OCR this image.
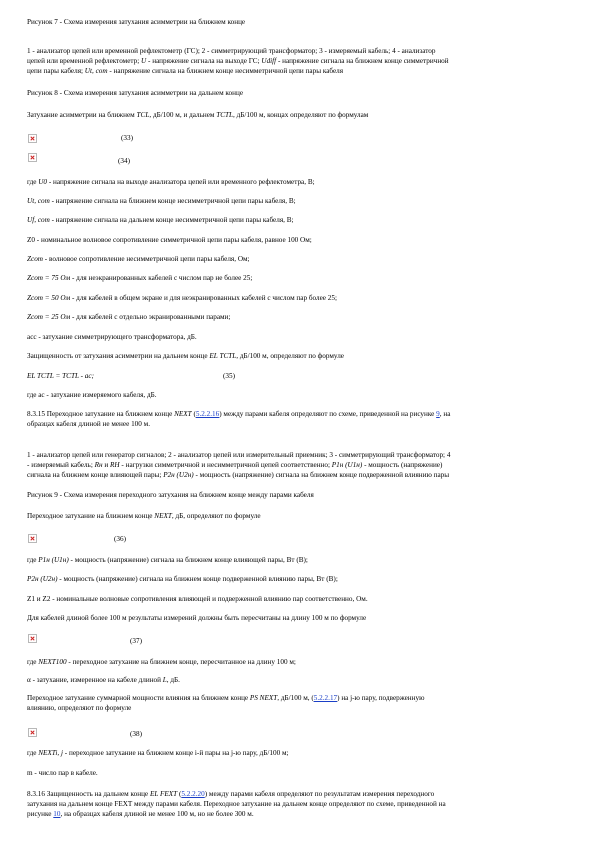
Рисунок 7 - Схема измерения затухания асимметрии на ближнем конце

1 - анализатор цепей или временной рефлектометр (ГС); 2 - симметрирующий трансформатор; 3 - измеряемый кабель; 4 - анализатор
цепей или временной рефлектометр; U - напряжение сигнала на выходе ГС; Udiff - напряжение сигнала на ближнем конце симметричной
цепи пары кабеля; Ut, com - напряжение сигнала на ближнем конце несимметричной цепи пары кабеля

Рисунок 8 - Схема измерения затухания асимметрии на дальнем конце

Затухание асимметрии на ближнем TCL, дБ/100 м, и дальнем TCTL, дБ/100 м, концах определяют по формулам

(33)
(34)

где U0 - напряжение сигнала на выходе анализатора цепей или временного рефлектометра, В;

Ut, com - напряжение сигнала на ближнем конце несимметричной цепи пары кабеля, В;

Uf, com - напряжение сигнала на дальнем конце несимметричной цепи пары кабеля, В;

Z0 - номинальное волновое сопротивление симметричной цепи пары кабеля, равное 100 Ом;

Zcom - волновое сопротивление несимметричной цепи пары кабеля, Ом;

Zcom = 75 Ом - для неэкранированных кабелей с числом пар не более 25;

Zcom = 50 Ом - для кабелей в общем экране и для неэкранированных кабелей с числом пар более 25;

Zcom = 25 Ом - для кабелей с отдельно экранированными парами;

acc - затухание симметрирующего трансформатора, дБ.

Защищенность от затухания асимметрии на дальнем конце EL TCTL, дБ/100 м, определяют по формуле

EL TCTL = TCTL - ас;	(35)

где ас - затухание измеряемого кабеля, дБ.

8.3.15 Переходное затухание на ближнем конце NEXT (5.2.2.16) между парами кабеля определяют по схеме, приведенной на рисунке 9, на
образцах кабеля длиной не менее 100 м.

1 - анализатор цепей или генератор сигналов; 2 - анализатор цепей или измерительный приемник; 3 - симметрирующий трансформатор; 4
- измеряемый кабель; Rн и RH - нагрузки симметричной и несимметричной цепей соответственно; P1н (U1н) - мощность (напряжение)
сигнала на ближнем конце влияющей пары; P2н (U2н) - мощность (напряжение) сигнала на ближнем конце подверженной влиянию пары

Рисунок 9 - Схема измерения переходного затухания на ближнем конце между парами кабеля

Переходное затухание на ближнем конце NEXT, дБ, определяют по формуле

(36)

где P1н (U1н) - мощность (напряжение) сигнала на ближнем конце влияющей пары, Вт (В);

P2н (U2н) - мощность (напряжение) сигнала на ближнем конце подверженной влиянию пары, Вт (В);

Z1 и Z2 - номинальные волновые сопротивления влияющей и подверженной влиянию пар соответственно, Ом.

Для кабелей длиной более 100 м результаты измерений должны быть пересчитаны на длину 100 м по формуле

(37)

где NEXT100 - переходное затухание на ближнем конце, пересчитанное на длину 100 м;

α - затухание, измеренное на кабеле длиной L, дБ.

Переходное затухание суммарной мощности влияния на ближнем конце PS NEXT, дБ/100 м, (5.2.2.17) на j-ю пару, подверженную
влиянию, определяют по формуле

(38)

где NEXTi, j - переходное затухание на ближнем конце i-й пары на j-ю пару, дБ/100 м;

m - число пар в кабеле.

8.3.16 Защищенность на дальнем конце EL FEXT (5.2.2.20) между парами кабеля определяют по результатам измерения переходного
затухания на дальнем конце FEXT между парами кабеля. Переходное затухание на дальнем конце определяют по схеме, приведенной на
рисунке 10, на образцах кабеля длиной не менее 100 м, но не более 300 м.
